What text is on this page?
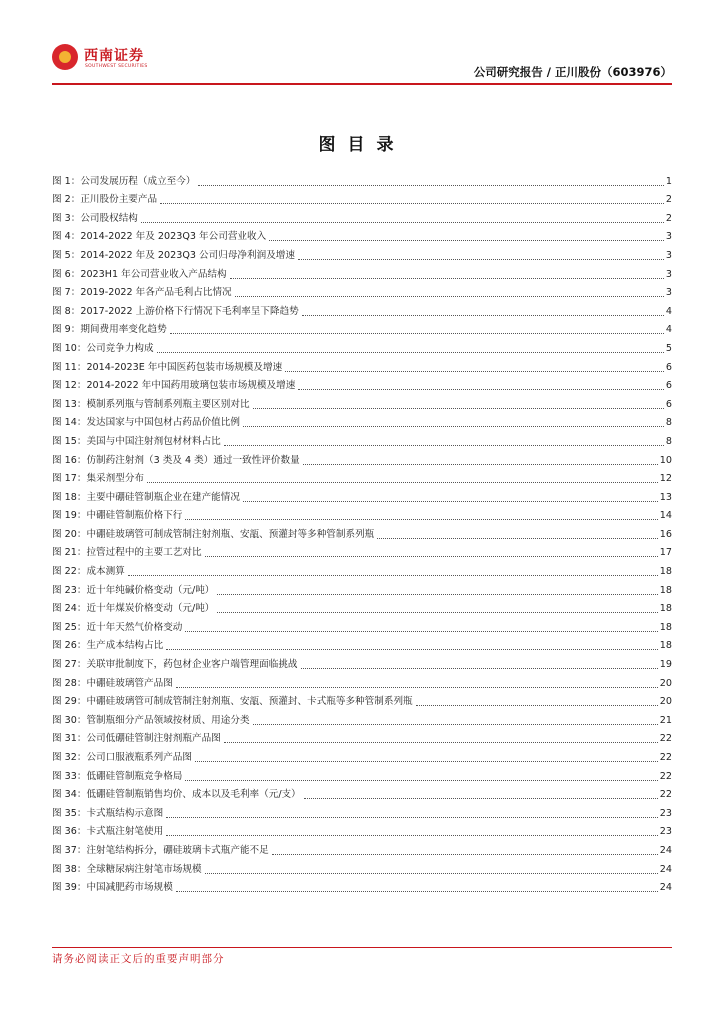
西南证券
SOUTHWEST SECURITIES	公司研究报告 / 正川股份（603976）
图目录
图 1：公司发展历程（成立至今）	1
图 2：正川股份主要产品	2
图 3：公司股权结构	2
图 4：2014-2022 年及 2023Q3 年公司营业收入	3
图 5：2014-2022 年及 2023Q3 公司归母净利润及增速	3
图 6：2023H1 年公司营业收入产品结构	3
图 7：2019-2022 年各产品毛利占比情况	3
图 8：2017-2022 上游价格下行情况下毛利率呈下降趋势	4
图 9：期间费用率变化趋势	4
图 10：公司竞争力构成	5
图 11：2014-2023E 年中国医药包装市场规模及增速	6
图 12：2014-2022 年中国药用玻璃包装市场规模及增速	6
图 13：模制系列瓶与管制系列瓶主要区别对比	6
图 14：发达国家与中国包材占药品价值比例	8
图 15：美国与中国注射剂包材材料占比	8
图 16：仿制药注射剂（3 类及 4 类）通过一致性评价数量	10
图 17：集采剂型分布	12
图 18：主要中硼硅管制瓶企业在建产能情况	13
图 19：中硼硅管制瓶价格下行	14
图 20：中硼硅玻璃管可制成管制注射剂瓶、安瓿、预灌封等多种管制系列瓶	16
图 21：拉管过程中的主要工艺对比	17
图 22：成本测算	18
图 23：近十年纯碱价格变动（元/吨）	18
图 24：近十年煤炭价格变动（元/吨）	18
图 25：近十年天然气价格变动	18
图 26：生产成本结构占比	18
图 27：关联审批制度下，药包材企业客户端管理面临挑战	19
图 28：中硼硅玻璃管产品图	20
图 29：中硼硅玻璃管可制成管制注射剂瓶、安瓿、预灌封、卡式瓶等多种管制系列瓶	20
图 30：管制瓶细分产品领域按材质、用途分类	21
图 31：公司低硼硅管制注射剂瓶产品图	22
图 32：公司口服液瓶系列产品图	22
图 33：低硼硅管制瓶竞争格局	22
图 34：低硼硅管制瓶销售均价、成本以及毛利率（元/支）	22
图 35：卡式瓶结构示意图	23
图 36：卡式瓶注射笔使用	23
图 37：注射笔结构拆分，硼硅玻璃卡式瓶产能不足	24
图 38：全球糖尿病注射笔市场规模	24
图 39：中国减肥药市场规模	24
请务必阅读正文后的重要声明部分
